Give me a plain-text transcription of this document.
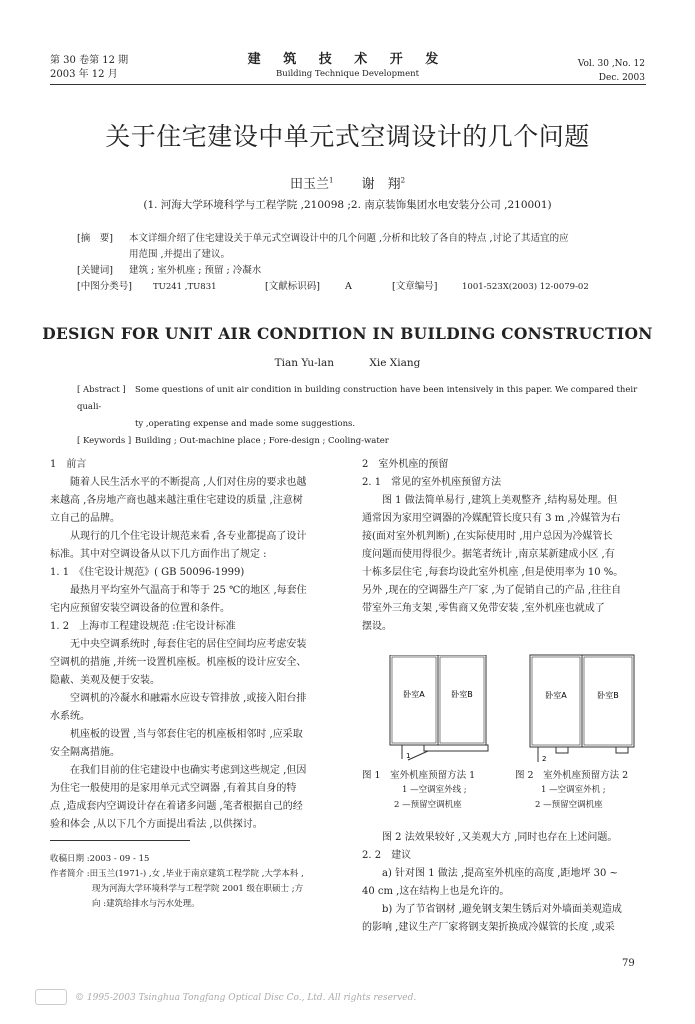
第 30 卷第 12 期
2003 年 12 月
建 筑 技 术 开 发
Building Technique Development
Vol. 30 ,No. 12
Dec. 2003
关于住宅建设中单元式空调设计的几个问题
田玉兰$^1$ 谢　翔$^2$
(1. 河海大学环境科学与工程学院 ,210098 ;2. 南京装饰集团水电安装分公司 ,210001)
[摘　要] 本文详细介绍了住宅建设关于单元式空调设计中的几个问题 ,分析和比较了各自的特点 ,讨论了其适宜的应
用范围 ,并提出了建议。
[关键词] 建筑 ; 室外机座 ; 预留 ; 冷凝水
[中图分类号] TU241 ,TU831	[文献标识码]	A	[文章编号]	1001-523X(2003) 12-0079-02
DESIGN FOR UNIT AIR CONDITION IN BUILDING CONSTRUCTION
Tian Yu-lan	Xie Xiang
[ Abstract ] Some questions of unit air condition in building construction have been intensively in this paper. We compared their quali-
ty ,operating expense and made some suggestions.
[ Keywords ] Building ; Out-machine place ; Fore-design ; Cooling-water

1　前言

随着人民生活水平的不断提高 ,人们对住房的要求也越

来越高 ,各房地产商也越来越注重住宅建设的质量 ,注意树

立自己的品牌。

从现行的几个住宅设计规范来看 ,各专业都提高了设计

标准。其中对空调设备从以下几方面作出了规定 :

1. 1　《住宅设计规范》( GB 50096-1999)

最热月平均室外气温高于和等于 25 ℃的地区 ,每套住

宅内应预留安装空调设备的位置和条件。

1. 2　上海市工程建设规范 :住宅设计标准

无中央空调系统时 ,每套住宅的居住空间均应考虑安装

空调机的措施 ,并统一设置机座板。机座板的设计应安全、

隐蔽、美观及便于安装。

空调机的冷凝水和融霜水应设专管排放 ,或接入阳台排

水系统。

机座板的设置 ,当与邻套住宅的机座板相邻时 ,应采取

安全隔离措施。

在我们目前的住宅建设中也确实考虑到这些规定 ,但因

为住宅一般使用的是家用单元式空调器 ,有着其自身的特

点 ,造成套内空调设计存在着诸多问题 ,笔者根据自己的经

验和体会 ,从以下几个方面提出看法 ,以供探讨。

收稿日期 :2003 - 09 - 15
作者简介 :田玉兰(1971-) ,女 ,毕业于南京建筑工程学院 ,大学本科 ,
现为河海大学环境科学与工程学院 2001 级在职硕士 ;方
向 :建筑给排水与污水处理。

2　室外机座的预留

2. 1　常见的室外机座预留方法

图 1 做法简单易行 ,建筑上美观整齐 ,结构易处理。但

通常因为家用空调器的冷媒配管长度只有 3 m ,冷媒管为右

接(面对室外机判断) ,在实际使用时 ,用户总因为冷媒管长

度问题而使用得很少。据笔者统计 ,南京某新建成小区 ,有

十栋多层住宅 ,每套均设此室外机座 ,但是使用率为 10 %。

另外 ,现在的空调器生产厂家 ,为了促销自己的产品 ,往往自

带室外三角支架 ,零售商又免带安装 ,室外机座也就成了

摆设。

卧室A	卧室B
1
图 1　室外机座预留方法 1
1 —空调室外线 ;
2 —预留空调机座
卧室A	卧室B
2
图 2　室外机座预留方法 2
1 —空调室外机 ;
2 —预留空调机座

图 2 法效果较好 ,又美观大方 ,同时也存在上述问题。

2. 2　建议

a) 针对图 1 做法 ,提高室外机座的高度 ,距地坪 30 ~

40 cm ,这在结构上也是允许的。

b) 为了节省钢材 ,避免钢支架生锈后对外墙面美观造成

的影响 ,建议生产厂家将钢支架折换成冷媒管的长度 ,或采

79
© 1995-2003 Tsinghua Tongfang Optical Disc Co., Ltd. All rights reserved.
